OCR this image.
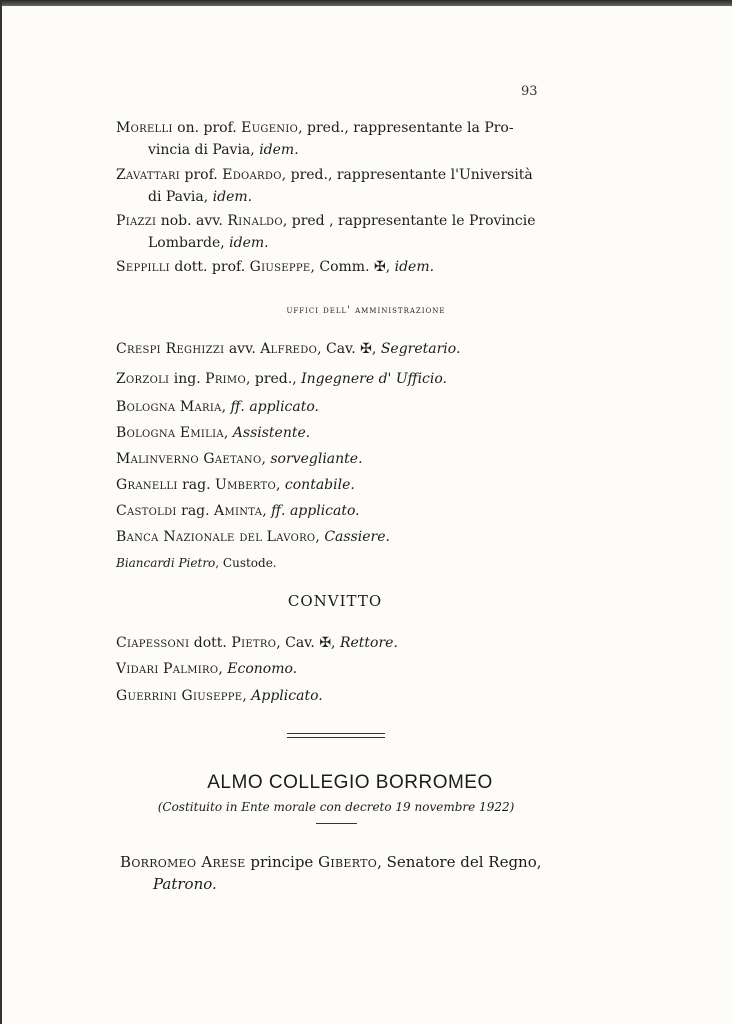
93
Morelli on. prof. Eugenio, pred., rappresentante la Pro-
vincia di Pavia, idem.
Zavattari prof. Edoardo, pred., rappresentante l'Università
di Pavia, idem.
Piazzi nob. avv. Rinaldo, pred , rappresentante le Provincie
Lombarde, idem.
Seppilli dott. prof. Giuseppe, Comm. ✠, idem.
uffici dell' amministrazione
Crespi Reghizzi avv. Alfredo, Cav. ✠, Segretario.
Zorzoli ing. Primo, pred., Ingegnere d' Ufficio.
Bologna Maria, ff. applicato.
Bologna Emilia, Assistente.
Malinverno Gaetano, sorvegliante.
Granelli rag. Umberto, contabile.
Castoldi rag. Aminta, ff. applicato.
Banca Nazionale del Lavoro, Cassiere.
Biancardi Pietro, Custode.
CONVITTO
Ciapessoni dott. Pietro, Cav. ✠, Rettore.
Vidari Palmiro, Economo.
Guerrini Giuseppe, Applicato.
ALMO COLLEGIO BORROMEO
(Costituito in Ente morale con decreto 19 novembre 1922)
Borromeo Arese principe Giberto, Senatore del Regno,
Patrono.
